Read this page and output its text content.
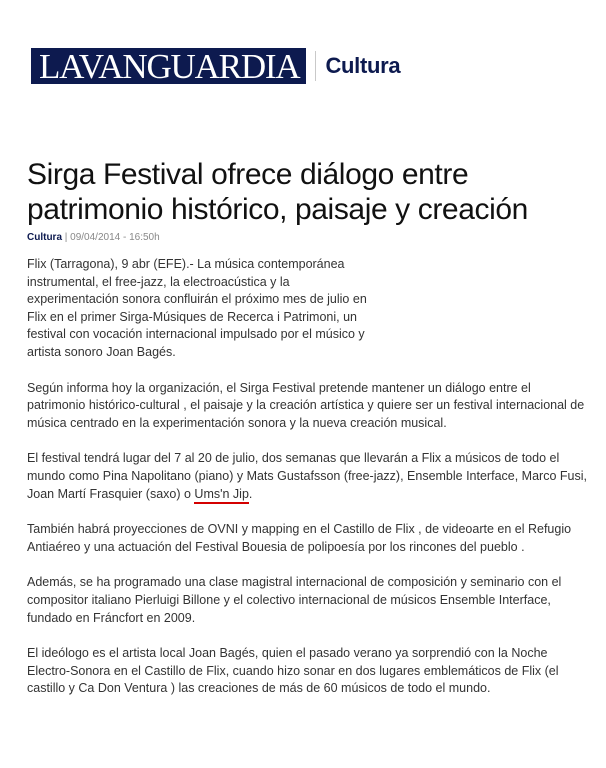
LAVANGUARDIA	Cultura
Sirga Festival ofrece diálogo entre patrimonio histórico, paisaje y creación
Cultura | 09/04/2014 - 16:50h

Flix (Tarragona), 9 abr (EFE).- La música contemporánea instrumental, el free-jazz, la electroacústica y la experimentación sonora confluirán el próximo mes de julio en Flix en el primer Sirga-Músiques de Recerca i Patrimoni, un festival con vocación internacional impulsado por el músico y artista sonoro Joan Bagés.

Según informa hoy la organización, el Sirga Festival pretende mantener un diálogo entre el patrimonio histórico-cultural , el paisaje y la creación artística y quiere ser un festival internacional de música centrado en la experimentación sonora y la nueva creación musical.

El festival tendrá lugar del 7 al 20 de julio, dos semanas que llevarán a Flix a músicos de todo el mundo como Pina Napolitano (piano) y Mats Gustafsson (free-jazz), Ensemble Interface, Marco Fusi, Joan Martí Frasquier (saxo) o Ums'n Jip.

También habrá proyecciones de OVNI y mapping en el Castillo de Flix , de videoarte en el Refugio Antiaéreo y una actuación del Festival Bouesia de polipoesía por los rincones del pueblo .

Además, se ha programado una clase magistral internacional de composición y seminario con el compositor italiano Pierluigi Billone y el colectivo internacional de músicos Ensemble Interface, fundado en Fráncfort en 2009.

El ideólogo es el artista local Joan Bagés, quien el pasado verano ya sorprendió con la Noche Electro-Sonora en el Castillo de Flix, cuando hizo sonar en dos lugares emblemáticos de Flix (el castillo y Ca Don Ventura ) las creaciones de más de 60 músicos de todo el mundo.
